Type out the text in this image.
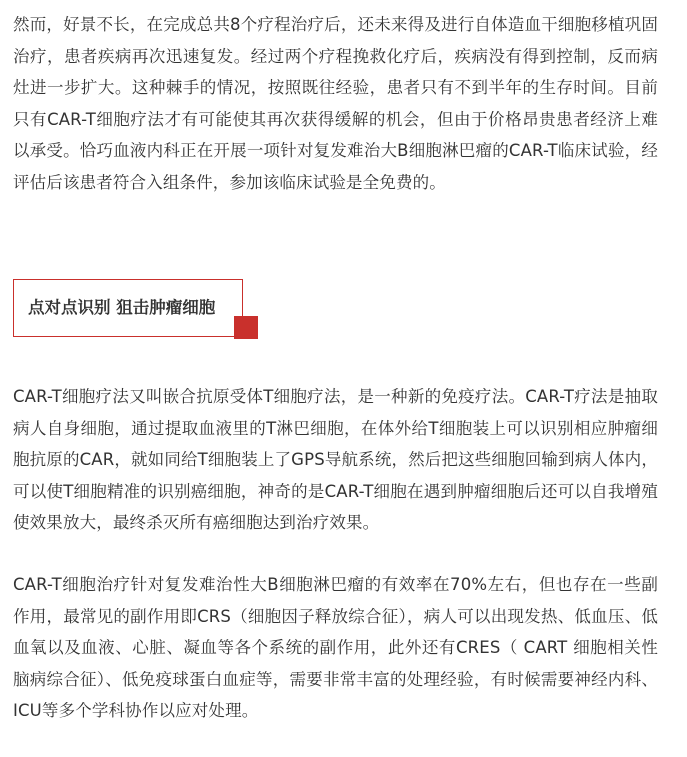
然而，好景不长，在完成总共8个疗程治疗后，还未来得及进行自体造血干细胞移植巩固治疗，患者疾病再次迅速复发。经过两个疗程挽救化疗后，疾病没有得到控制，反而病灶进一步扩大。这种棘手的情况，按照既往经验，患者只有不到半年的生存时间。目前只有CAR-T细胞疗法才有可能使其再次获得缓解的机会，但由于价格昂贵患者经济上难以承受。恰巧血液内科正在开展一项针对复发难治大B细胞淋巴瘤的CAR-T临床试验，经评估后该患者符合入组条件，参加该临床试验是全免费的。

点对点识别 狙击肿瘤细胞

CAR-T细胞疗法又叫嵌合抗原受体T细胞疗法，是一种新的免疫疗法。CAR-T疗法是抽取病人自身细胞，通过提取血液里的T淋巴细胞，在体外给T细胞装上可以识别相应肿瘤细胞抗原的CAR，就如同给T细胞装上了GPS导航系统，然后把这些细胞回输到病人体内，可以使T细胞精准的识别癌细胞，神奇的是CAR-T细胞在遇到肿瘤细胞后还可以自我增殖使效果放大，最终杀灭所有癌细胞达到治疗效果。

CAR-T细胞治疗针对复发难治性大B细胞淋巴瘤的有效率在70%左右，但也存在一些副作用，最常见的副作用即CRS（细胞因子释放综合征），病人可以出现发热、低血压、低血氧以及血液、心脏、凝血等各个系统的副作用，此外还有CRES（ CART 细胞相关性脑病综合征）、低免疫球蛋白血症等，需要非常丰富的处理经验，有时候需要神经内科、ICU等多个学科协作以应对处理。
